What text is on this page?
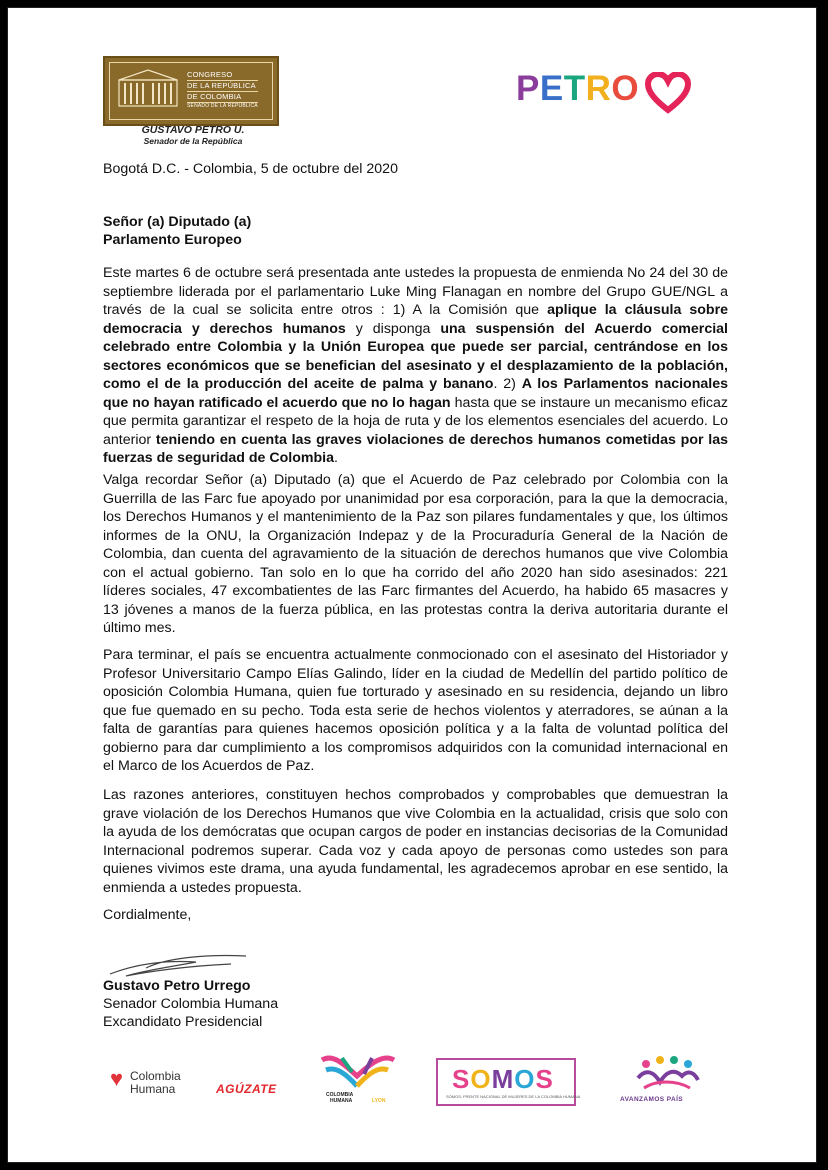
CONGRESO
DE LA REPÚBLICA
DE COLOMBIA
SENADO DE LA REPÚBLICA
GUSTAVO PETRO U.
Senador de la República
PETRO
Bogotá D.C. - Colombia, 5 de octubre del 2020
Señor (a) Diputado (a)
Parlamento Europeo
Este martes 6 de octubre será presentada ante ustedes la propuesta de enmienda No 24 del 30 de septiembre liderada por el parlamentario Luke Ming Flanagan en nombre del Grupo GUE/NGL a través de la cual se solicita entre otros : 1) A la Comisión que aplique la cláusula sobre democracia y derechos humanos y disponga una suspensión del Acuerdo comercial celebrado entre Colombia y la Unión Europea que puede ser parcial, centrándose en los sectores económicos que se benefician del asesinato y el desplazamiento de la población, como el de la producción del aceite de palma y banano. 2) A los Parlamentos nacionales que no hayan ratificado el acuerdo que no lo hagan hasta que se instaure un mecanismo eficaz que permita garantizar el respeto de la hoja de ruta y de los elementos esenciales del acuerdo. Lo anterior teniendo en cuenta las graves violaciones de derechos humanos cometidas por las fuerzas de seguridad de Colombia.
Valga recordar Señor (a) Diputado (a) que el Acuerdo de Paz celebrado por Colombia con la Guerrilla de las Farc fue apoyado por unanimidad por esa corporación, para la que la democracia, los Derechos Humanos y el mantenimiento de la Paz son pilares fundamentales y que, los últimos informes de la ONU, la Organización Indepaz y de la Procuraduría General de la Nación de Colombia, dan cuenta del agravamiento de la situación de derechos humanos que vive Colombia con el actual gobierno. Tan solo en lo que ha corrido del año 2020 han sido asesinados: 221 líderes sociales, 47 excombatientes de las Farc firmantes del Acuerdo, ha habido 65 masacres y 13 jóvenes a manos de la fuerza pública, en las protestas contra la deriva autoritaria durante el último mes.
Para terminar, el país se encuentra actualmente conmocionado con el asesinato del Historiador y Profesor Universitario Campo Elías Galindo, líder en la ciudad de Medellín del partido político de oposición Colombia Humana, quien fue torturado y asesinado en su residencia, dejando un libro que fue quemado en su pecho. Toda esta serie de hechos violentos y aterradores, se aúnan a la falta de garantías para quienes hacemos oposición política y a la falta de voluntad política del gobierno para dar cumplimiento a los compromisos adquiridos con la comunidad internacional en el Marco de los Acuerdos de Paz.
Las razones anteriores, constituyen hechos comprobados y comprobables que demuestran la grave violación de los Derechos Humanos que vive Colombia en la actualidad, crisis que solo con la ayuda de los demócratas que ocupan cargos de poder en instancias decisorias de la Comunidad Internacional podremos superar. Cada voz y cada apoyo de personas como ustedes son para quienes vivimos este drama, una ayuda fundamental, les agradecemos aprobar en ese sentido, la enmienda a ustedes propuesta.
Cordialmente,
Gustavo Petro Urrego
Senador Colombia Humana
Excandidato Presidencial
♥ Colombia
Humana	AGÚZATE	COLOMBIA
HUMANA	LYON
SOMOS
SOMOS: FRENTE NACIONAL DE MUJERES DE LA COLOMBIA HUMANA	AVANZAMOS PAÍS
